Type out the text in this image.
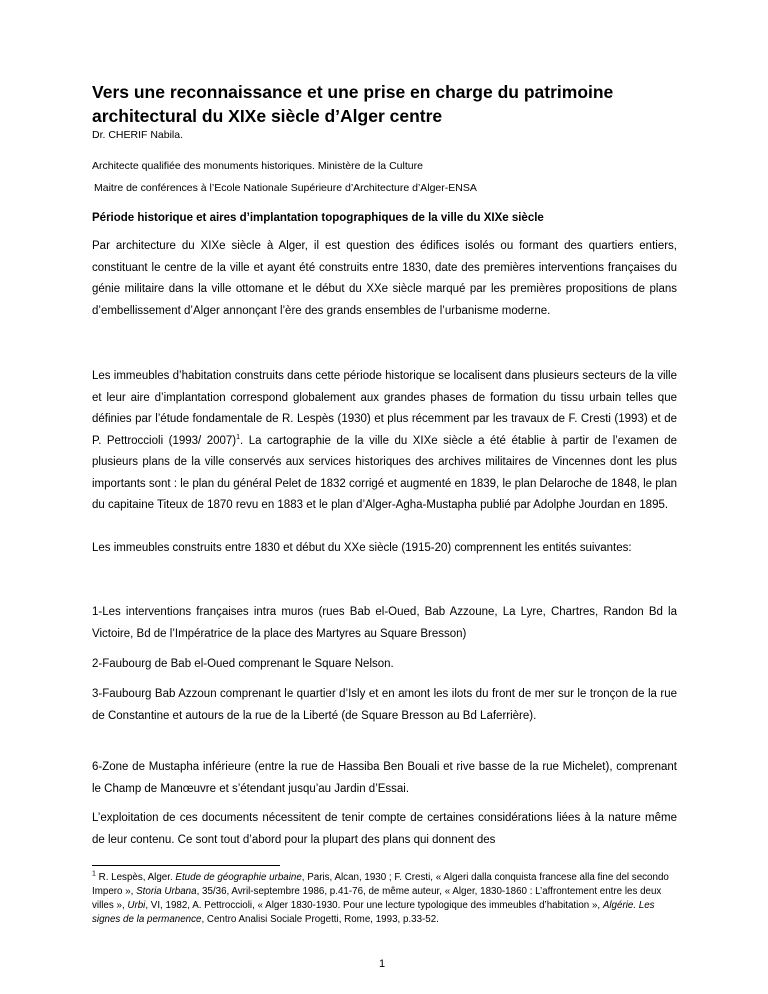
Vers une reconnaissance et une prise en charge du patrimoine architectural du XIXe siècle d’Alger centre

Dr. CHERIF Nabila.

Architecte qualifiée des monuments historiques. Ministère de la Culture

Maitre de conférences à l’Ecole Nationale Supérieure d’Architecture d’Alger-ENSA

Période historique et aires d’implantation topographiques de la ville du XIXe siècle

Par architecture du XIXe siècle à Alger, il est question des édifices isolés ou formant des quartiers entiers, constituant le centre de la ville et ayant été construits entre 1830, date des premières interventions françaises du génie militaire dans la ville ottomane et le début du XXe siècle marqué par les premières propositions de plans d’embellissement d’Alger annonçant l’ère des grands ensembles de l’urbanisme moderne.

Les immeubles d’habitation construits dans cette période historique se localisent dans plusieurs secteurs de la ville et leur aire d’implantation correspond globalement aux grandes phases de formation du tissu urbain telles que définies par l’étude fondamentale de R. Lespès (1930) et plus récemment par les travaux de F. Cresti (1993) et de P. Pettroccioli (1993/ 2007)$^1$. La cartographie de la ville du XIXe siècle a été établie à partir de l’examen de plusieurs plans de la ville conservés aux services historiques des archives militaires de Vincennes dont les plus importants sont : le plan du général Pelet de 1832 corrigé et augmenté en 1839, le plan Delaroche de 1848, le plan du capitaine Titeux de 1870 revu en 1883 et le plan d’Alger-Agha-Mustapha publié par Adolphe Jourdan en 1895.

Les immeubles construits entre 1830 et début du XXe siècle (1915-20) comprennent les entités suivantes:

1-Les interventions françaises intra muros (rues Bab el-Oued, Bab Azzoune, La Lyre, Chartres, Randon Bd la Victoire, Bd de l’Impératrice de la place des Martyres au Square Bresson)

2-Faubourg de Bab el-Oued comprenant le Square Nelson.

3-Faubourg Bab Azzoun comprenant le quartier d’Isly et en amont les ilots du front de mer sur le tronçon de la rue de Constantine et autours de la rue de la Liberté (de Square Bresson au Bd Laferrière).

6-Zone de Mustapha inférieure (entre la rue de Hassiba Ben Bouali et rive basse de la rue Michelet), comprenant le Champ de Manœuvre et s’étendant jusqu’au Jardin d’Essai.

L’exploitation de ces documents nécessitent de tenir compte de certaines considérations liées à la nature même de leur contenu. Ce sont tout d’abord pour la plupart des plans qui donnent des

$^1$ R. Lespès, Alger. Etude de géographie urbaine, Paris, Alcan, 1930 ; F. Cresti, « Algeri dalla conquista francese alla fine del secondo Impero », Storia Urbana, 35/36, Avril-septembre 1986, p.41-76, de même auteur, « Alger, 1830-1860 : L’affrontement entre les deux villes », Urbi, VI, 1982, A. Pettroccioli, « Alger 1830-1930. Pour une lecture typologique des immeubles d’habitation », Algérie. Les signes de la permanence, Centro Analisi Sociale Progetti, Rome, 1993, p.33-52.

1
